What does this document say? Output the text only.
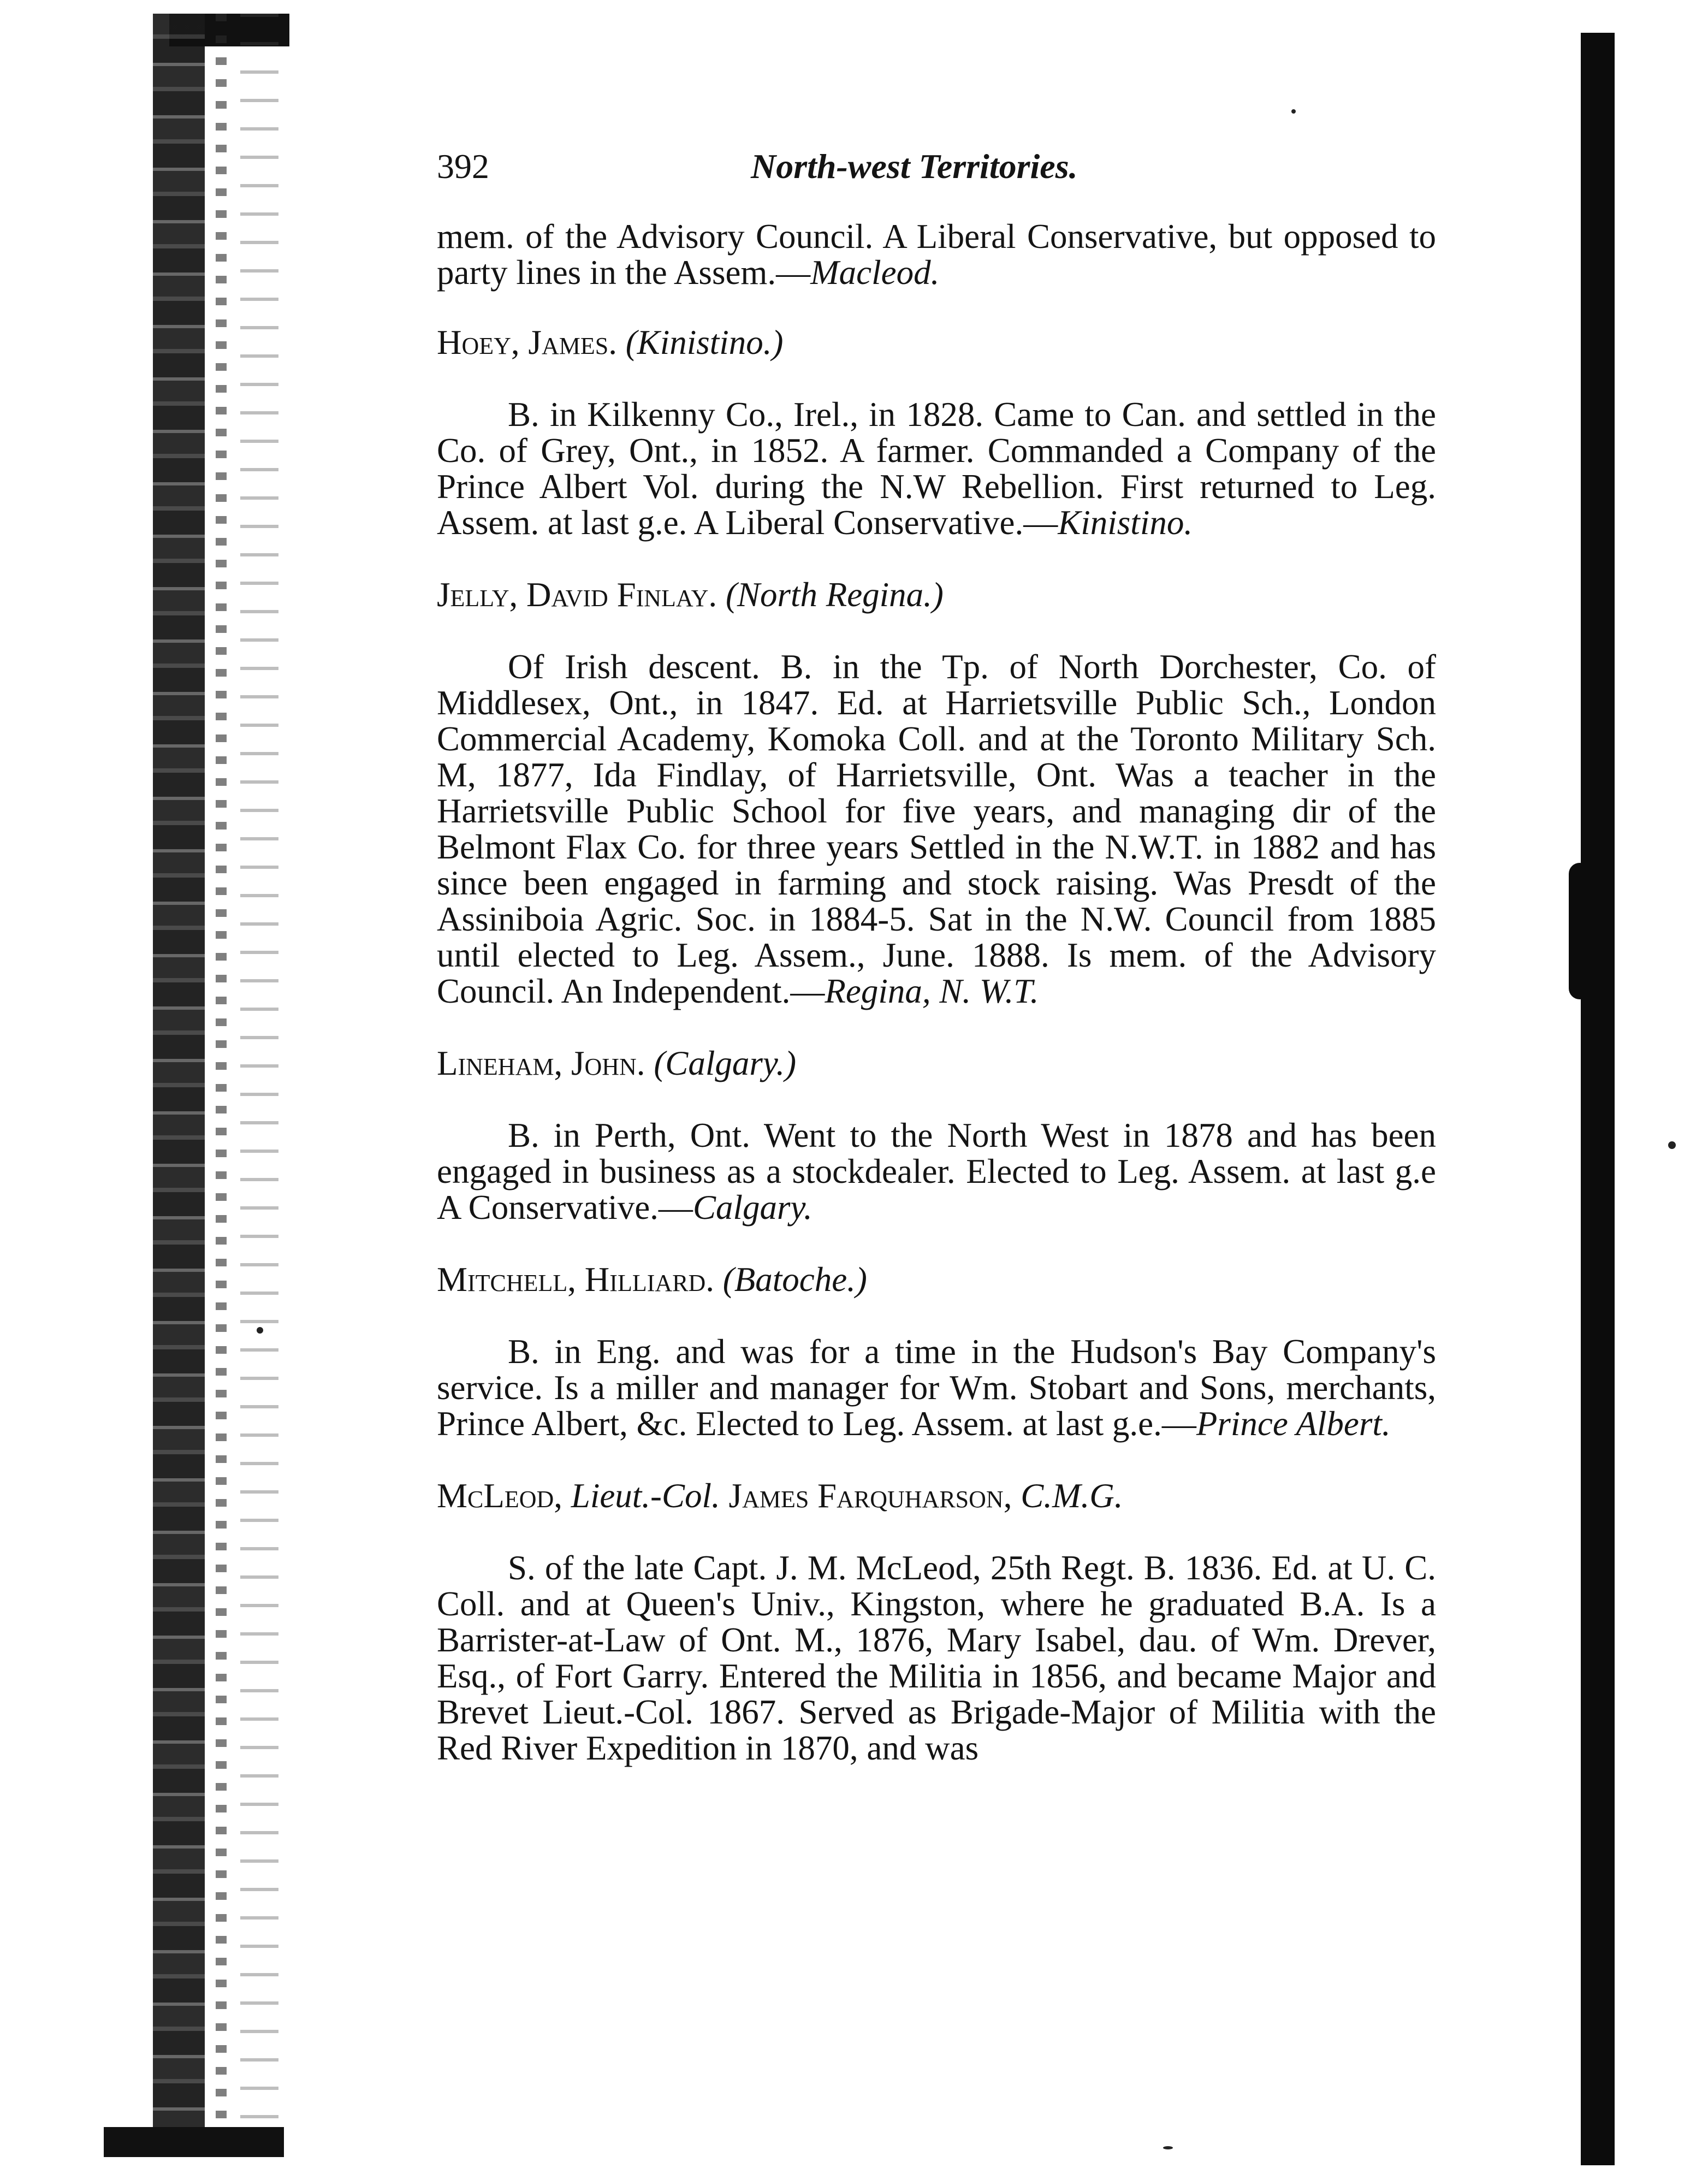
392	North-west Territories.

mem. of the Advisory Council. A Liberal Conservative, but opposed to party lines in the Assem.—Macleod.

Hoey, James. (Kinistino.)

B. in Kilkenny Co., Irel., in 1828. Came to Can. and settled in the Co. of Grey, Ont., in 1852. A farmer. Commanded a Company of the Prince Albert Vol. during the N.W Rebellion. First returned to Leg. Assem. at last g.e. A Liberal Conservative.—Kinistino.

Jelly, David Finlay. (North Regina.)

Of Irish descent. B. in the Tp. of North Dorchester, Co. of Middlesex, Ont., in 1847. Ed. at Harrietsville Public Sch., London Commercial Academy, Komoka Coll. and at the Toronto Military Sch. M, 1877, Ida Findlay, of Harrietsville, Ont. Was a teacher in the Harrietsville Public School for five years, and managing dir of the Belmont Flax Co. for three years Settled in the N.W.T. in 1882 and has since been engaged in farming and stock raising. Was Presdt of the Assiniboia Agric. Soc. in 1884-5. Sat in the N.W. Council from 1885 until elected to Leg. Assem., June. 1888. Is mem. of the Advisory Council. An Independent.—Regina, N. W.T.

Lineham, John. (Calgary.)

B. in Perth, Ont. Went to the North West in 1878 and has been engaged in business as a stockdealer. Elected to Leg. Assem. at last g.e A Conservative.—Calgary.

Mitchell, Hilliard. (Batoche.)

B. in Eng. and was for a time in the Hudson's Bay Company's service. Is a miller and manager for Wm. Stobart and Sons, merchants, Prince Albert, &c. Elected to Leg. Assem. at last g.e.—Prince Albert.

McLeod, Lieut.-Col. James Farquharson, C.M.G.

S. of the late Capt. J. M. McLeod, 25th Regt. B. 1836. Ed. at U. C. Coll. and at Queen's Univ., Kingston, where he graduated B.A. Is a Barrister-at-Law of Ont. M., 1876, Mary Isabel, dau. of Wm. Drever, Esq., of Fort Garry. Entered the Militia in 1856, and became Major and Brevet Lieut.-Col. 1867. Served as Brigade-Major of Militia with the Red River Expedition in 1870, and was
